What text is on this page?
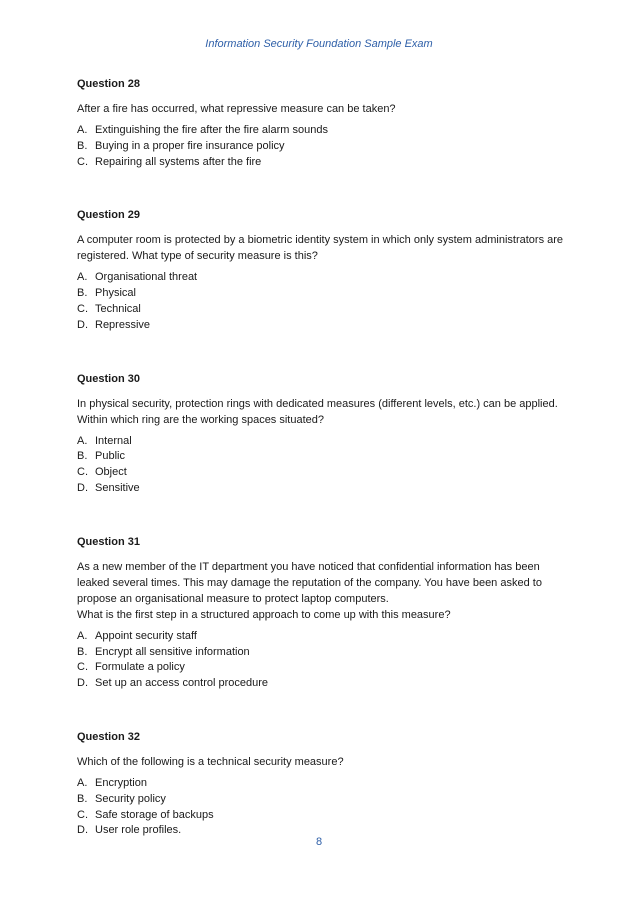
Information Security Foundation Sample Exam
Question 28
After a fire has occurred, what repressive measure can be taken?
A. Extinguishing the fire after the fire alarm sounds
B. Buying in a proper fire insurance policy
C. Repairing all systems after the fire
Question 29
A computer room is protected by a biometric identity system in which only system administrators are
registered. What type of security measure is this?
A. Organisational threat
B. Physical
C. Technical
D. Repressive
Question 30
In physical security, protection rings with dedicated measures (different levels, etc.) can be applied.
Within which ring are the working spaces situated?
A. Internal
B. Public
C. Object
D. Sensitive
Question 31
As a new member of the IT department you have noticed that confidential information has been
leaked several times. This may damage the reputation of the company. You have been asked to
propose an organisational measure to protect laptop computers.
What is the first step in a structured approach to come up with this measure?
A. Appoint security staff
B. Encrypt all sensitive information
C. Formulate a policy
D. Set up an access control procedure
Question 32
Which of the following is a technical security measure?
A. Encryption
B. Security policy
C. Safe storage of backups
D. User role profiles.
8
